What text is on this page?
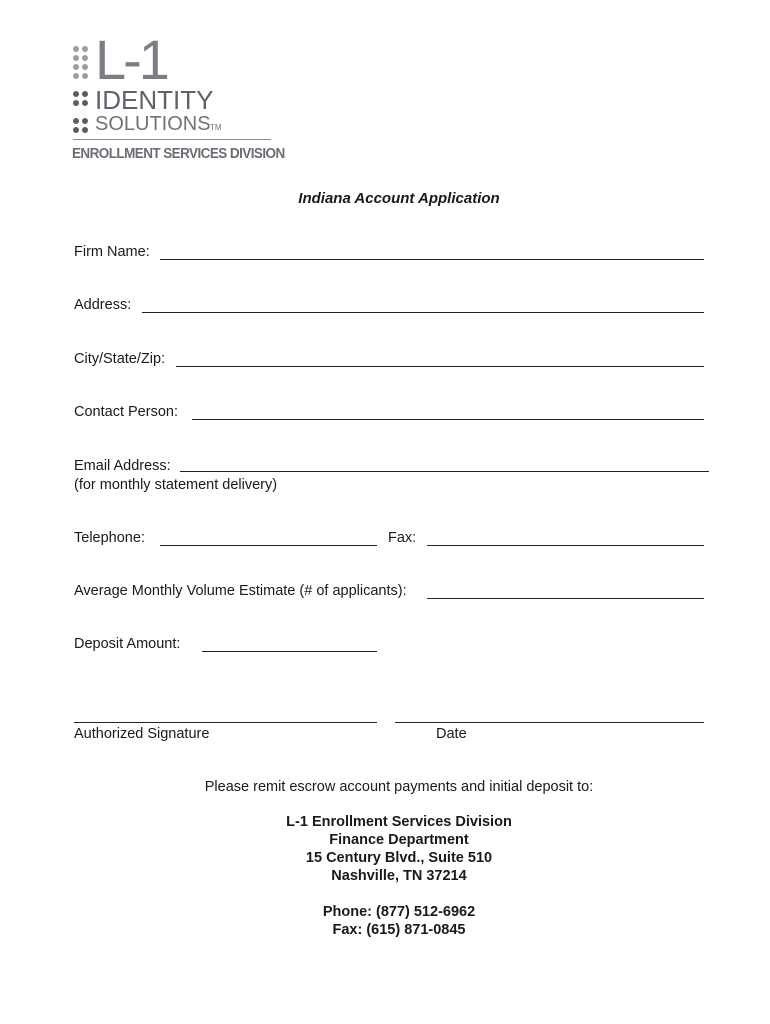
L-1
IDENTITY
SOLUTIONS TM
ENROLLMENT SERVICES DIVISION
Indiana Account Application
Firm Name:
Address:
City/State/Zip:
Contact Person:
Email Address:
(for monthly statement delivery)
Telephone:	Fax:
Average Monthly Volume Estimate (# of applicants):
Deposit Amount:
Authorized Signature	Date
Please remit escrow account payments and initial deposit to:
L-1 Enrollment Services Division
Finance Department
15 Century Blvd., Suite 510
Nashville, TN 37214
Phone: (877) 512-6962
Fax: (615) 871-0845
